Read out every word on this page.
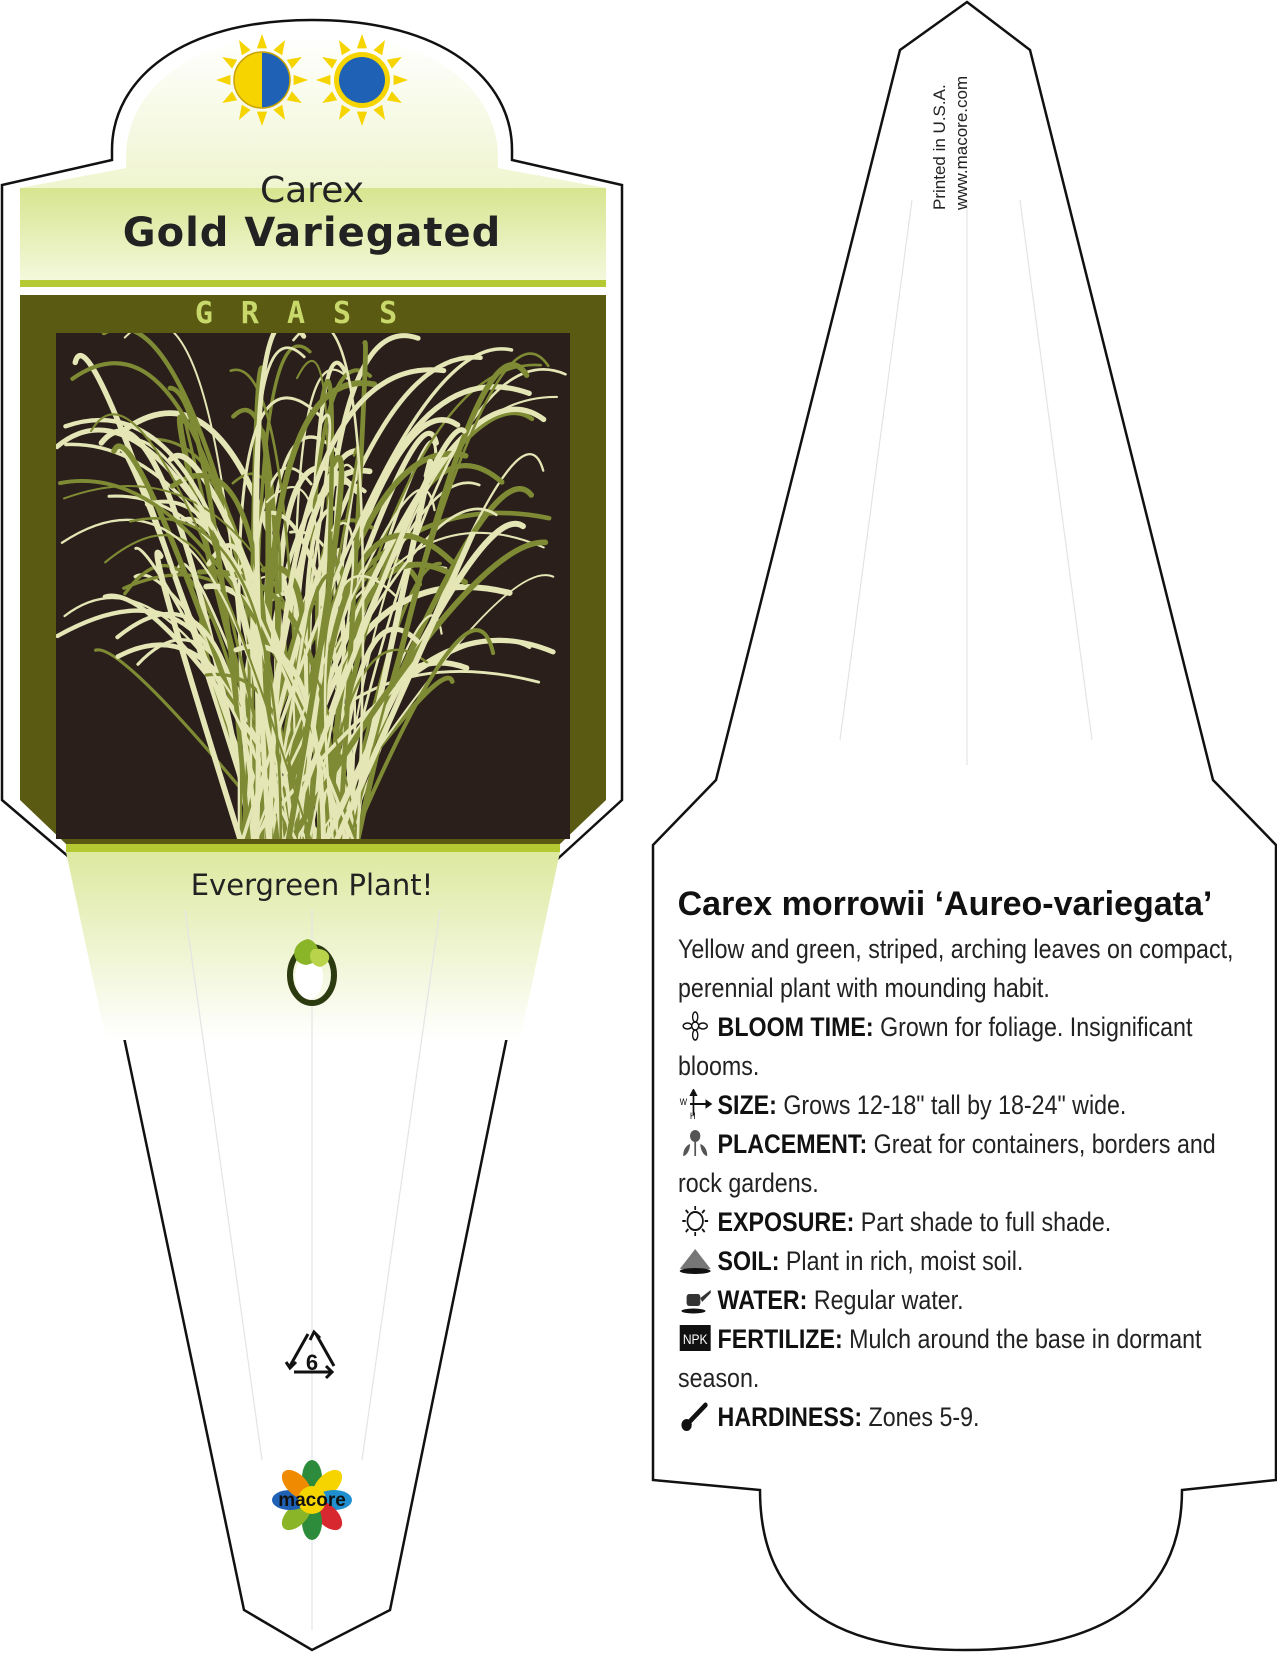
Carex
Gold Variegated
GRASS
Evergreen Plant!
6
macore
Printed in U.S.A. www.macore.com
Carex morrowii ‘Aureo-variegata’
Yellow and green, striped, arching leaves on compact, perennial plant with mounding habit.
BLOOM TIME: Grown for foliage. Insignificant blooms.
W
H SIZE: Grows 12-18" tall by 18-24" wide.
PLACEMENT: Great for containers, borders and rock gardens.
EXPOSURE: Part shade to full shade.
SOIL: Plant in rich, moist soil.
WATER: Regular water.
NPK FERTILIZE: Mulch around the base in dormant season.
HARDINESS: Zones 5-9.
